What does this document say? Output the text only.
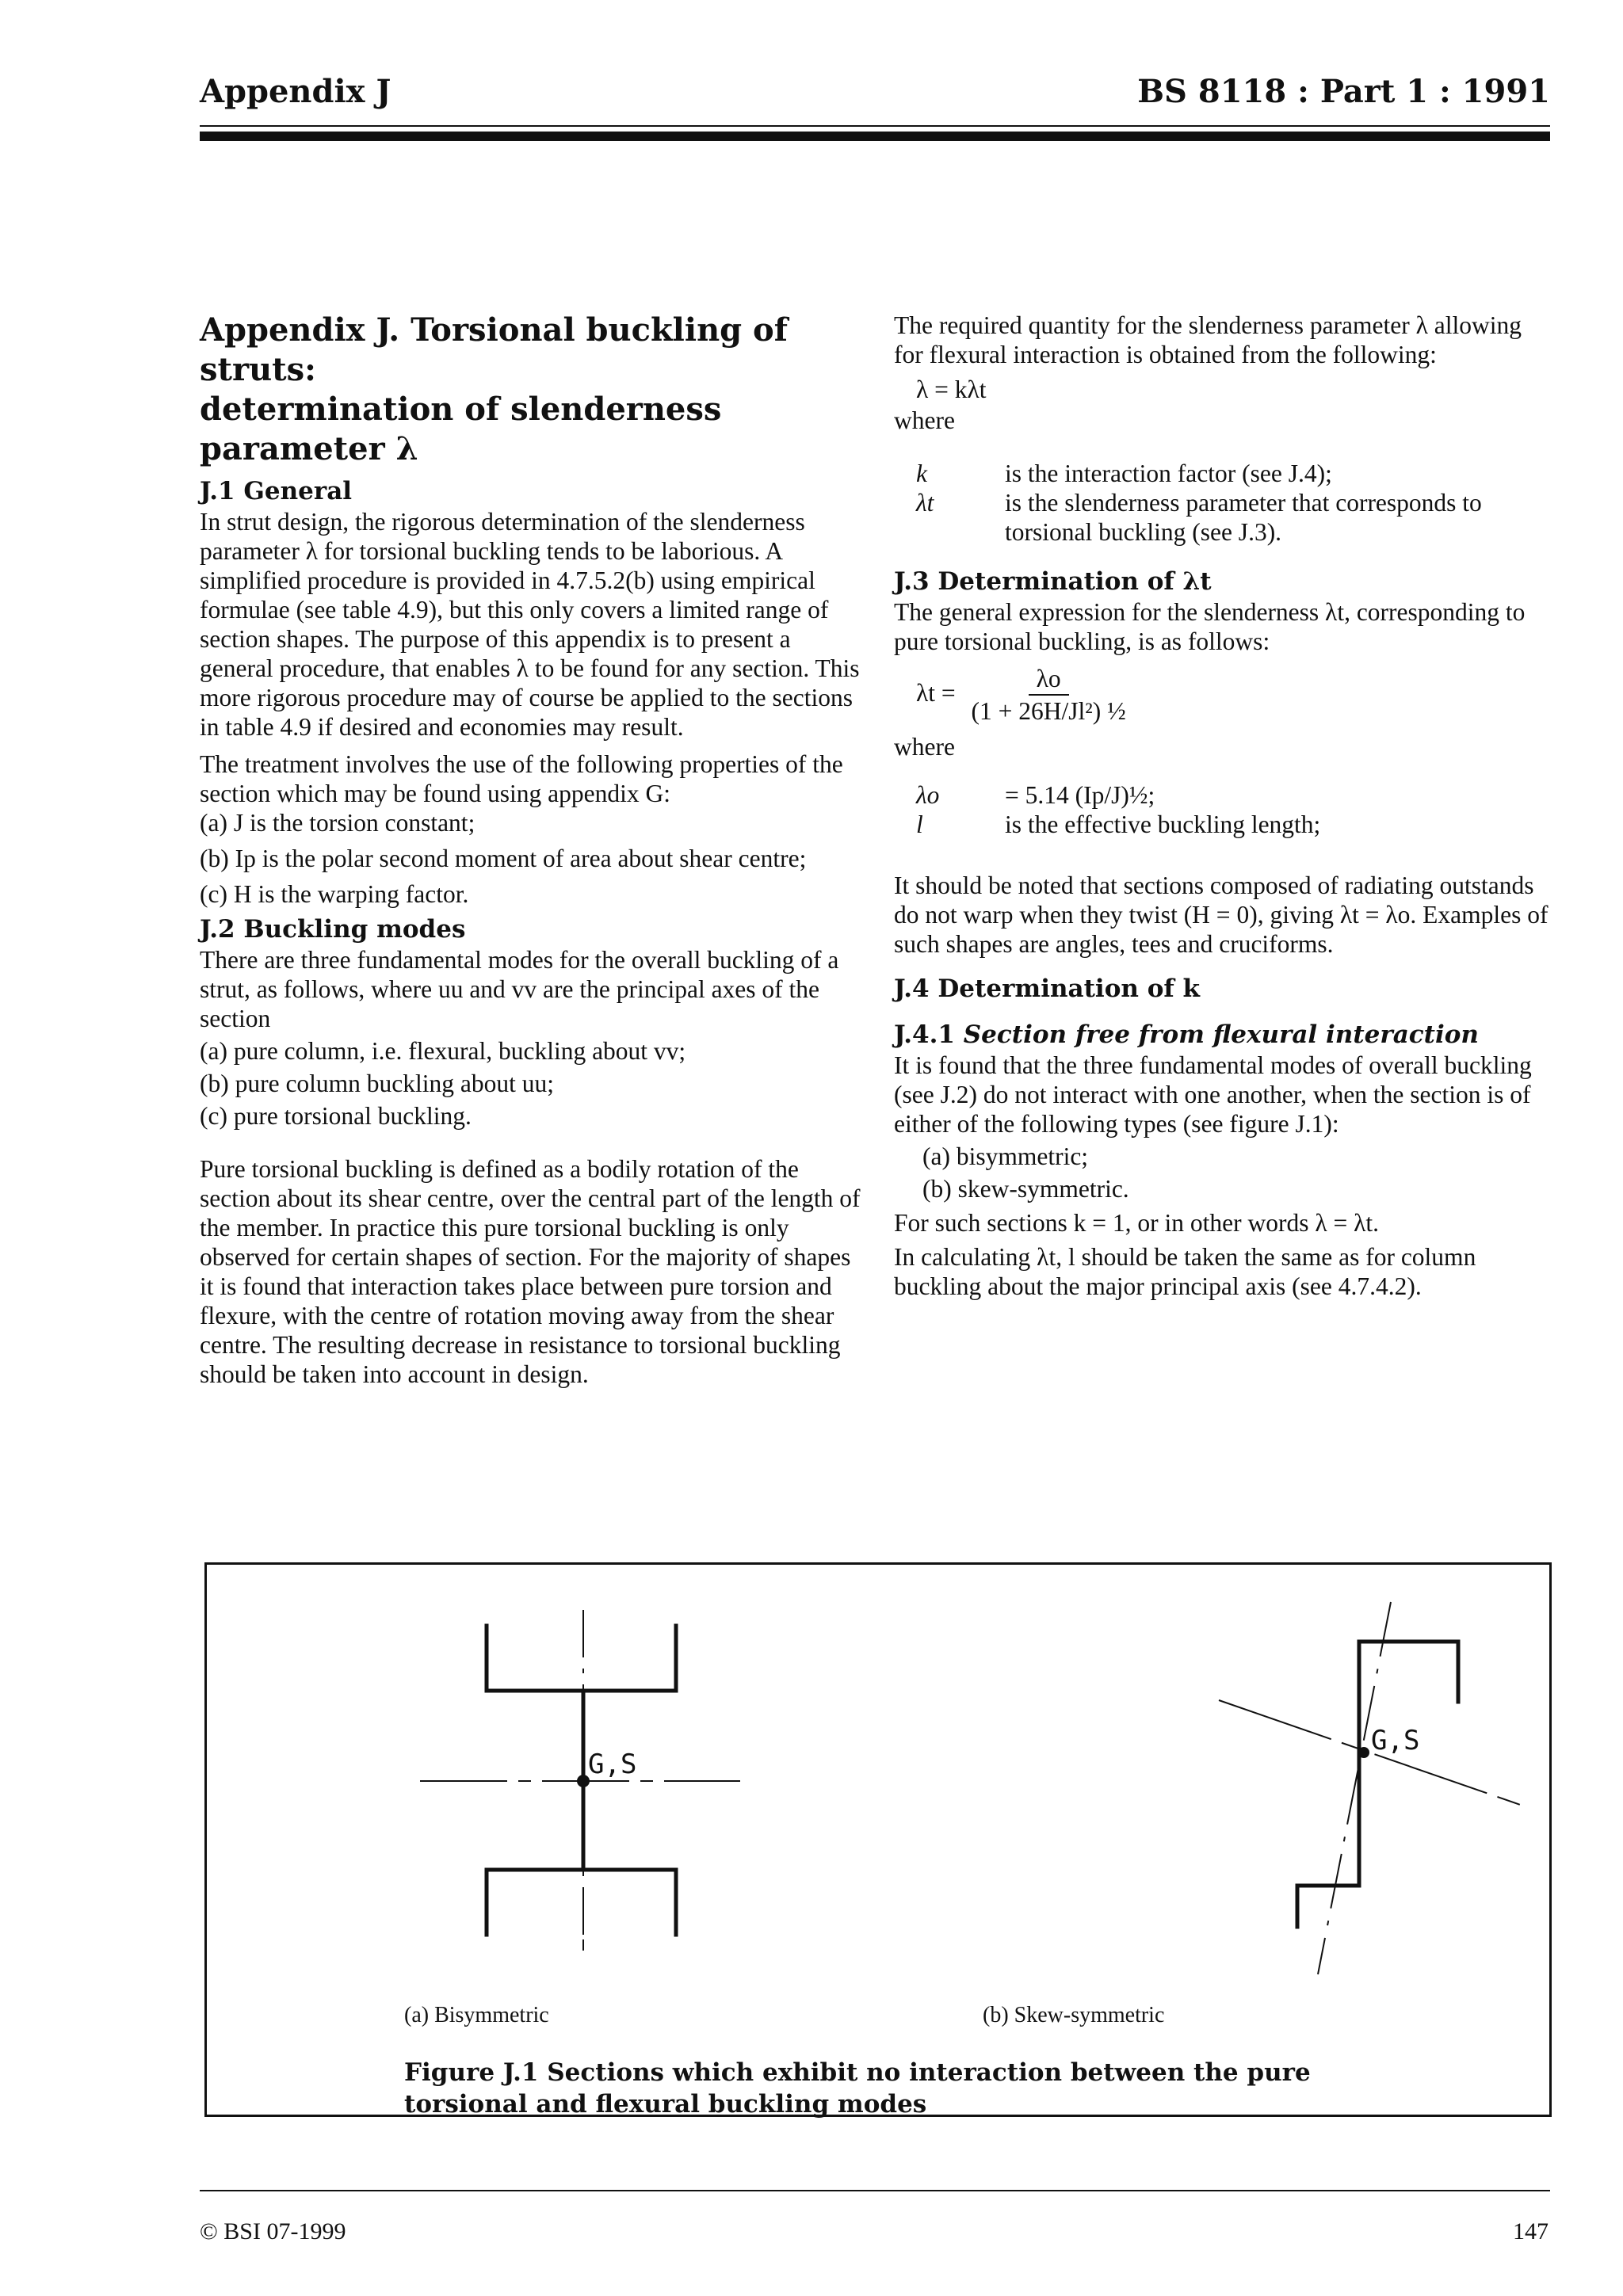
Appendix J	BS 8118 : Part 1 : 1991
Appendix J. Torsional buckling of struts:
determination of slenderness parameter λ
J.1 General

In strut design, the rigorous determination of the slenderness parameter λ for torsional buckling tends to be laborious. A simplified procedure is provided in 4.7.5.2(b) using empirical formulae (see table 4.9), but this only covers a limited range of section shapes. The purpose of this appendix is to present a general procedure, that enables λ to be found for any section. This more rigorous procedure may of course be applied to the sections in table 4.9 if desired and economies may result.

The treatment involves the use of the following properties of the section which may be found using appendix G:

(a) J is the torsion constant;
(b) Ip is the polar second moment of area about shear centre;
(c) H is the warping factor.
J.2 Buckling modes

There are three fundamental modes for the overall buckling of a strut, as follows, where uu and vv are the principal axes of the section

(a) pure column, i.e. flexural, buckling about vv;
(b) pure column buckling about uu;
(c) pure torsional buckling.

Pure torsional buckling is defined as a bodily rotation of the section about its shear centre, over the central part of the length of the member. In practice this pure torsional buckling is only observed for certain shapes of section. For the majority of shapes it is found that interaction takes place between pure torsion and flexure, with the centre of rotation moving away from the shear centre. The resulting decrease in resistance to torsional buckling should be taken into account in design.

The required quantity for the slenderness parameter λ allowing for flexural interaction is obtained from the following:

λ = kλt

where

k	is the interaction factor (see J.4);
λt	is the slenderness parameter that corresponds to torsional buckling (see J.3).
J.3 Determination of λt

The general expression for the slenderness λt, corresponding to pure torsional buckling, is as follows:

$\lambda t = \frac{\lambda o}{\text{(1 + 26H/Jl²) ½}}$

where

λo	= 5.14 (Ip/J)½;
l	is the effective buckling length;

It should be noted that sections composed of radiating outstands do not warp when they twist (H = 0), giving λt = λo. Examples of such shapes are angles, tees and cruciforms.

J.4 Determination of k
J.4.1 Section free from flexural interaction

It is found that the three fundamental modes of overall buckling (see J.2) do not interact with one another, when the section is of either of the following types (see figure J.1):

(a) bisymmetric;
(b) skew-symmetric.

For such sections k = 1, or in other words λ = λt.

In calculating λt, l should be taken the same as for column buckling about the major principal axis (see 4.7.4.2).

G,S
G,S
(a) Bisymmetric	(b) Skew-symmetric
Figure J.1 Sections which exhibit no interaction between the pure torsional and flexural buckling modes
© BSI 07-1999	147
